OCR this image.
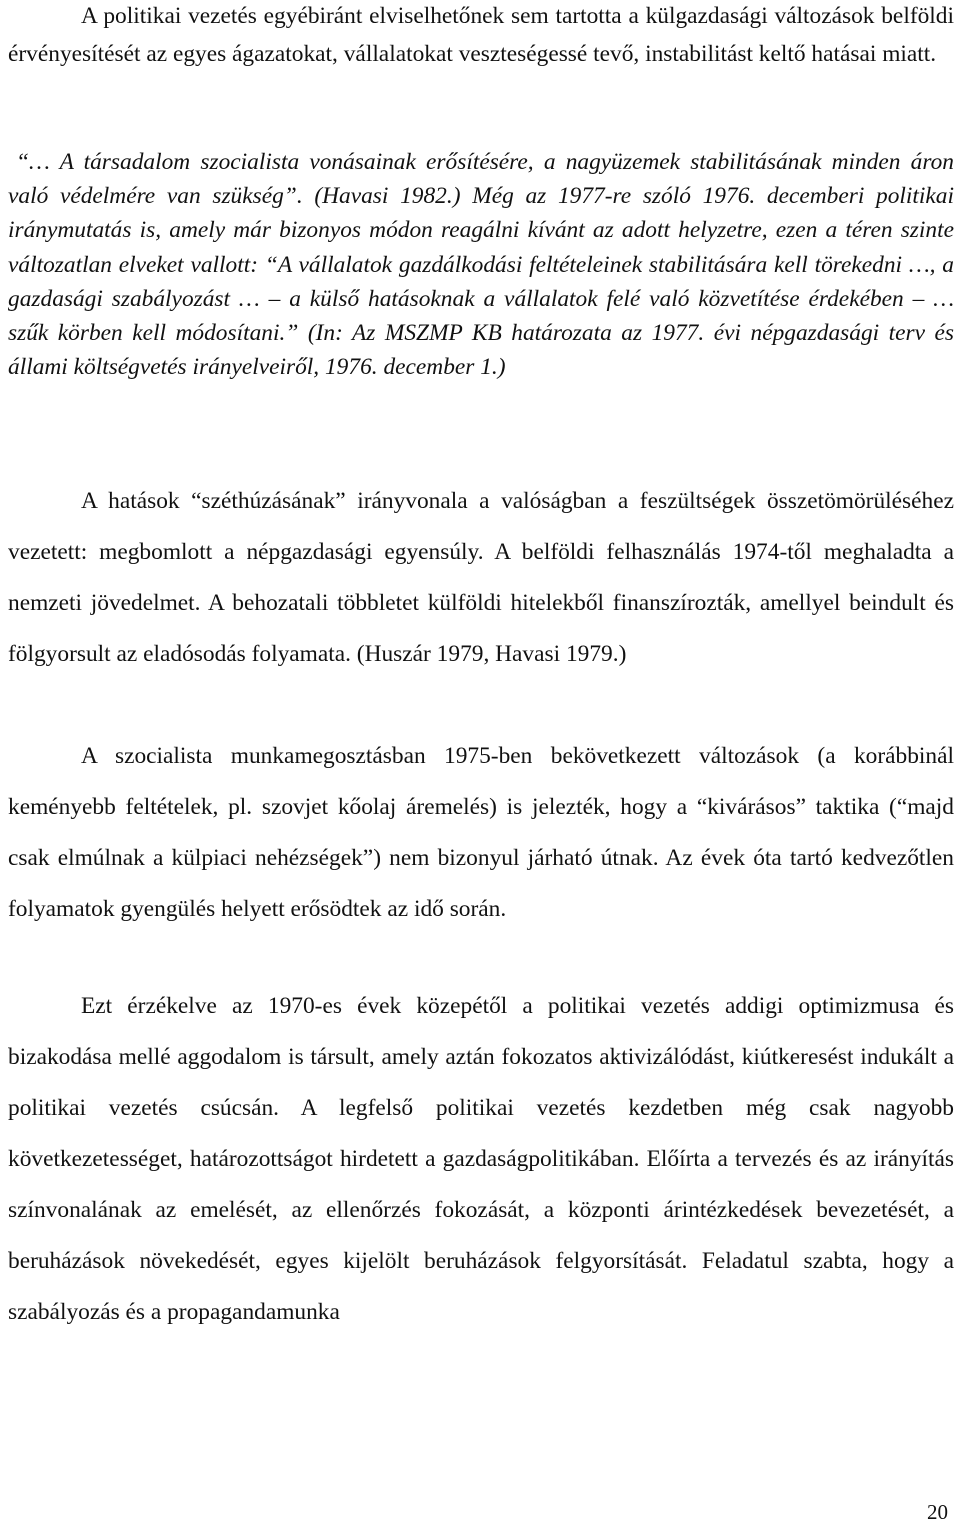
A politikai vezetés egyébiránt elviselhetőnek sem tartotta a külgazdasági változások belföldi érvényesítését az egyes ágazatokat, vállalatokat veszteségessé tevő, instabilitást keltő hatásai miatt.

“… A társadalom szocialista vonásainak erősítésére, a nagyüzemek stabilitásának minden áron való védelmére van szükség”. (Havasi 1982.) Még az 1977-re szóló 1976. decemberi politikai iránymutatás is, amely már bizonyos módon reagálni kívánt az adott helyzetre, ezen a téren szinte változatlan elveket vallott: “A vállalatok gazdálkodási feltételeinek stabilitására kell törekedni …, a gazdasági szabályozást … – a külső hatásoknak a vállalatok felé való közvetítése érdekében – … szűk körben kell módosítani.” (In: Az MSZMP KB határozata az 1977. évi népgazdasági terv és állami költségvetés irányelveiről, 1976. december 1.)

A hatások “széthúzásának” irányvonala a valóságban a feszültségek összetömörüléséhez vezetett: megbomlott a népgazdasági egyensúly. A belföldi felhasználás 1974-től meghaladta a nemzeti jövedelmet. A behozatali többletet külföldi hitelekből finanszírozták, amellyel beindult és fölgyorsult az eladósodás folyamata. (Huszár 1979, Havasi 1979.)

A szocialista munkamegosztásban 1975-ben bekövetkezett változások (a korábbinál keményebb feltételek, pl. szovjet kőolaj áremelés) is jelezték, hogy a “kivárásos” taktika (“majd csak elmúlnak a külpiaci nehézségek”) nem bizonyul járható útnak. Az évek óta tartó kedvezőtlen folyamatok gyengülés helyett erősödtek az idő során.

Ezt érzékelve az 1970-es évek közepétől a politikai vezetés addigi optimizmusa és bizakodása mellé aggodalom is társult, amely aztán fokozatos aktivizálódást, kiútkeresést indukált a politikai vezetés csúcsán. A legfelső politikai vezetés kezdetben még csak nagyobb következetességet, határozottságot hirdetett a gazdaságpolitikában. Előírta a tervezés és az irányítás színvonalának az emelését, az ellenőrzés fokozását, a központi árintézkedések bevezetését, a beruházások növekedését, egyes kijelölt beruházások felgyorsítását. Feladatul szabta, hogy a szabályozás és a propagandamunka

20
